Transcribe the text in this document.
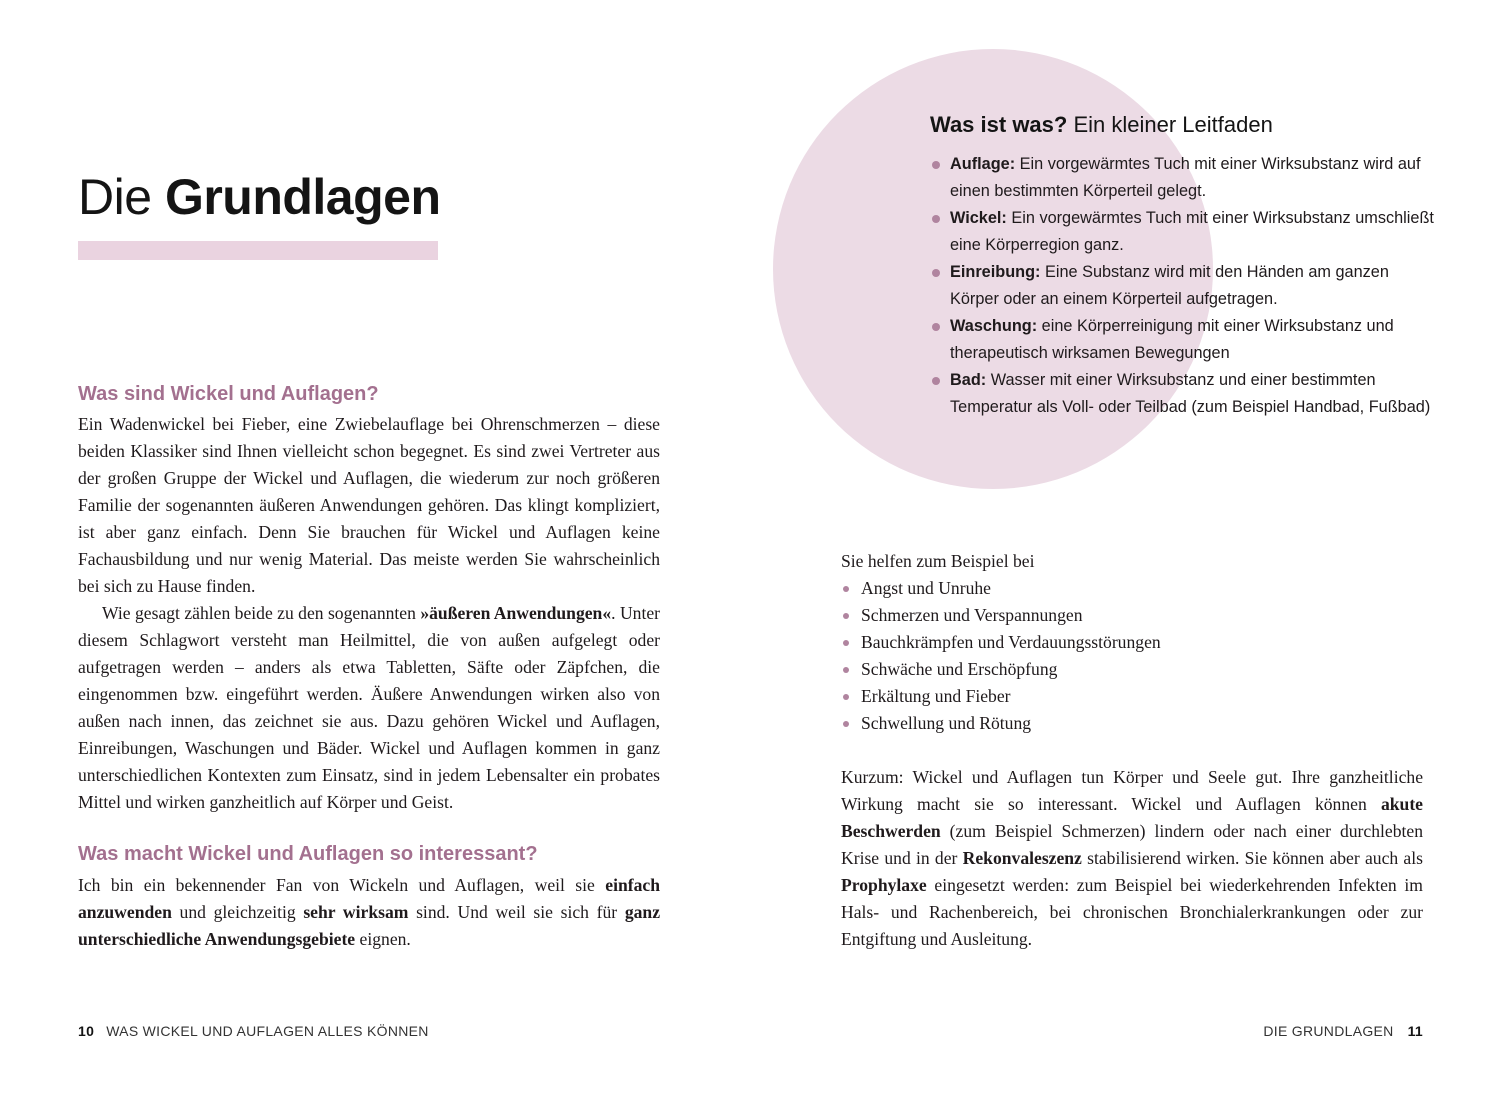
Die Grundlagen
Was sind Wickel und Auflagen?

Ein Wadenwickel bei Fieber, eine Zwiebelauflage bei Ohrenschmerzen – diese beiden Klassiker sind Ihnen vielleicht schon begegnet. Es sind zwei Vertreter aus der großen Gruppe der Wickel und Auflagen, die wiederum zur noch größeren Familie der sogenannten äußeren Anwendungen gehören. Das klingt kompliziert, ist aber ganz einfach. Denn Sie brauchen für Wickel und Auflagen keine Fachausbildung und nur wenig Material. Das meiste werden Sie wahrscheinlich bei sich zu Hause finden.

Wie gesagt zählen beide zu den sogenannten »äußeren Anwendungen«. Unter diesem Schlagwort versteht man Heilmittel, die von außen aufgelegt oder aufgetragen werden – anders als etwa Tabletten, Säfte oder Zäpfchen, die eingenommen bzw. eingeführt werden. Äußere Anwendungen wirken also von außen nach innen, das zeichnet sie aus. Dazu gehören Wickel und Auflagen, Einreibungen, Waschungen und Bäder. Wickel und Auflagen kommen in ganz unterschiedlichen Kontexten zum Einsatz, sind in jedem Lebensalter ein probates Mittel und wirken ganzheitlich auf Körper und Geist.

Was macht Wickel und Auflagen so interessant?

Ich bin ein bekennender Fan von Wickeln und Auflagen, weil sie einfach anzuwenden und gleichzeitig sehr wirksam sind. Und weil sie sich für ganz unterschiedliche Anwendungsgebiete eignen.

10 WAS WICKEL UND AUFLAGEN ALLES KÖNNEN
Was ist was? Ein kleiner Leitfaden
Auflage: Ein vorgewärmtes Tuch mit einer Wirksubstanz wird auf einen bestimmten Körperteil gelegt.
Wickel: Ein vorgewärmtes Tuch mit einer Wirksubstanz umschließt eine Körperregion ganz.
Einreibung: Eine Substanz wird mit den Händen am ganzen Körper oder an einem Körperteil aufgetragen.
Waschung: eine Körperreinigung mit einer Wirksubstanz und therapeutisch wirksamen Bewegungen
Bad: Wasser mit einer Wirksubstanz und einer bestimmten Temperatur als Voll- oder Teilbad (zum Beispiel Handbad, Fußbad)

Sie helfen zum Beispiel bei

Angst und Unruhe
Schmerzen und Verspannungen
Bauchkrämpfen und Verdauungsstörungen
Schwäche und Erschöpfung
Erkältung und Fieber
Schwellung und Rötung

Kurzum: Wickel und Auflagen tun Körper und Seele gut. Ihre ganzheitliche Wirkung macht sie so interessant. Wickel und Auflagen können akute Beschwerden (zum Beispiel Schmerzen) lindern oder nach einer durchlebten Krise und in der Rekonvaleszenz stabilisierend wirken. Sie können aber auch als Prophylaxe eingesetzt werden: zum Beispiel bei wiederkehrenden Infekten im Hals- und Rachenbereich, bei chronischen Bronchialerkrankungen oder zur Entgiftung und Ausleitung.

DIE GRUNDLAGEN 11
